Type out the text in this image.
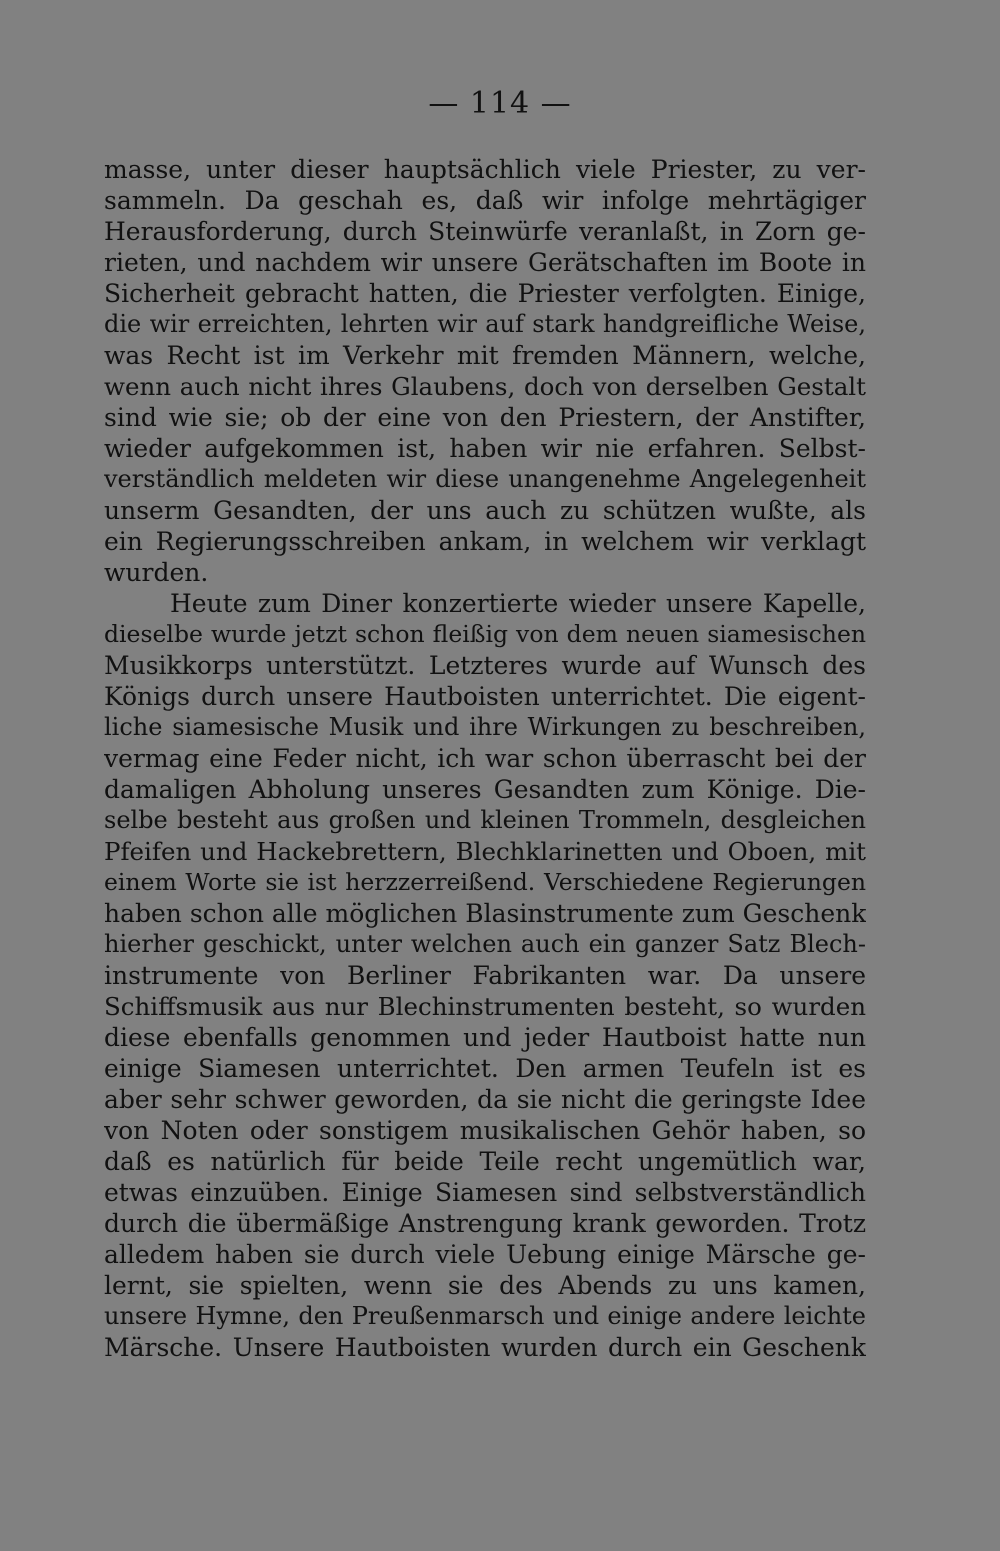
— 114 —
masse, unter dieser hauptsächlich viele Priester, zu ver-
sammeln. Da geschah es, daß wir infolge mehrtägiger
Herausforderung, durch Steinwürfe veranlaßt, in Zorn ge-
rieten, und nachdem wir unsere Gerätschaften im Boote in
Sicherheit gebracht hatten, die Priester verfolgten. Einige,
die wir erreichten, lehrten wir auf stark handgreifliche Weise,
was Recht ist im Verkehr mit fremden Männern, welche,
wenn auch nicht ihres Glaubens, doch von derselben Gestalt
sind wie sie; ob der eine von den Priestern, der Anstifter,
wieder aufgekommen ist, haben wir nie erfahren. Selbst-
verständlich meldeten wir diese unangenehme Angelegenheit
unserm Gesandten, der uns auch zu schützen wußte, als
ein Regierungsschreiben ankam, in welchem wir verklagt
wurden.
Heute zum Diner konzertierte wieder unsere Kapelle,
dieselbe wurde jetzt schon fleißig von dem neuen siamesischen
Musikkorps unterstützt. Letzteres wurde auf Wunsch des
Königs durch unsere Hautboisten unterrichtet. Die eigent-
liche siamesische Musik und ihre Wirkungen zu beschreiben,
vermag eine Feder nicht, ich war schon überrascht bei der
damaligen Abholung unseres Gesandten zum Könige. Die-
selbe besteht aus großen und kleinen Trommeln, desgleichen
Pfeifen und Hackebrettern, Blechklarinetten und Oboen, mit
einem Worte sie ist herzzerreißend. Verschiedene Regierungen
haben schon alle möglichen Blasinstrumente zum Geschenk
hierher geschickt, unter welchen auch ein ganzer Satz Blech-
instrumente von Berliner Fabrikanten war. Da unsere
Schiffsmusik aus nur Blechinstrumenten besteht, so wurden
diese ebenfalls genommen und jeder Hautboist hatte nun
einige Siamesen unterrichtet. Den armen Teufeln ist es
aber sehr schwer geworden, da sie nicht die geringste Idee
von Noten oder sonstigem musikalischen Gehör haben, so
daß es natürlich für beide Teile recht ungemütlich war,
etwas einzuüben. Einige Siamesen sind selbstverständlich
durch die übermäßige Anstrengung krank geworden. Trotz
alledem haben sie durch viele Uebung einige Märsche ge-
lernt, sie spielten, wenn sie des Abends zu uns kamen,
unsere Hymne, den Preußenmarsch und einige andere leichte
Märsche. Unsere Hautboisten wurden durch ein Geschenk
